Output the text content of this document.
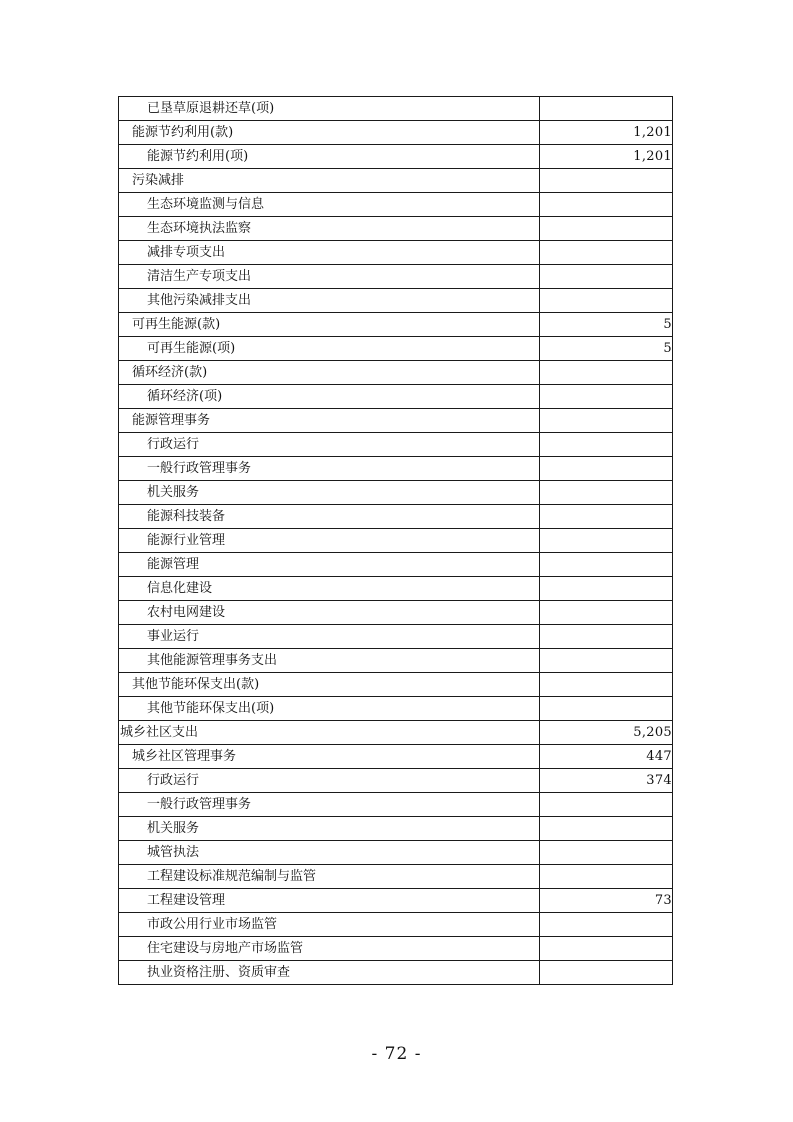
已垦草原退耕还草(项)	
能源节约利用(款)	1,201
能源节约利用(项)	1,201
污染减排	
生态环境监测与信息	
生态环境执法监察	
减排专项支出	
清洁生产专项支出	
其他污染减排支出	
可再生能源(款)	5
可再生能源(项)	5
循环经济(款)	
循环经济(项)	
能源管理事务	
行政运行	
一般行政管理事务	
机关服务	
能源科技装备	
能源行业管理	
能源管理	
信息化建设	
农村电网建设	
事业运行	
其他能源管理事务支出	
其他节能环保支出(款)	
其他节能环保支出(项)	
城乡社区支出	5,205
城乡社区管理事务	447
行政运行	374
一般行政管理事务	
机关服务	
城管执法	
工程建设标准规范编制与监管	
工程建设管理	73
市政公用行业市场监管	
住宅建设与房地产市场监管	
执业资格注册、资质审查	
- 72 -
